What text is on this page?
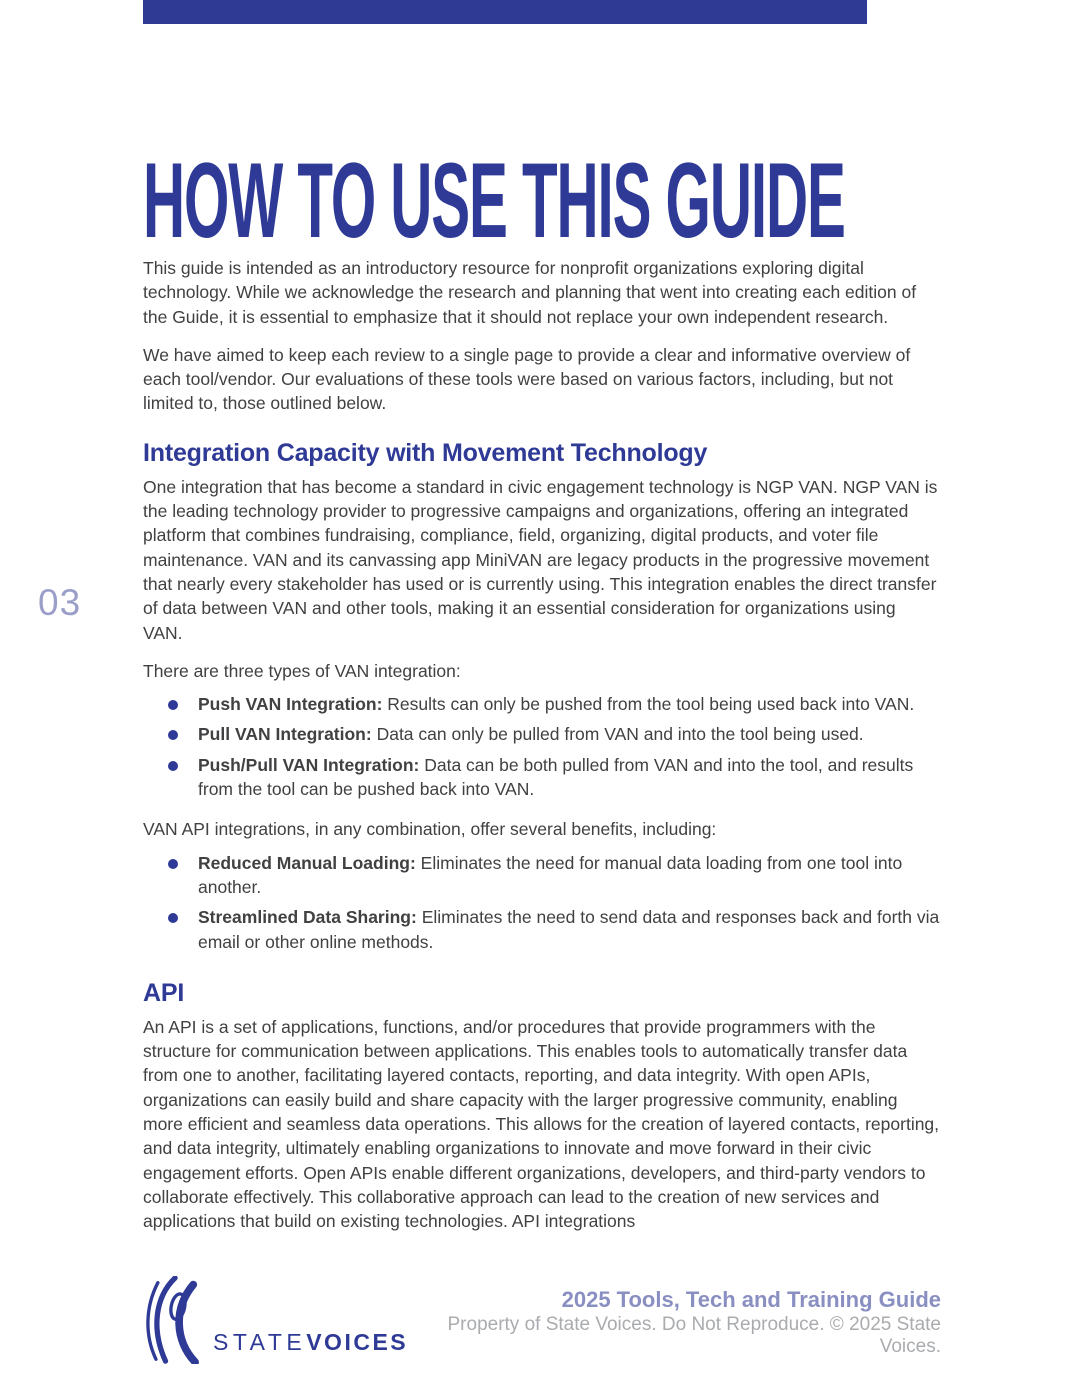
03
HOW TO USE THIS GUIDE

This guide is intended as an introductory resource for nonprofit organizations exploring digital technology. While we acknowledge the research and planning that went into creating each edition of the Guide, it is essential to emphasize that it should not replace your own independent research.

We have aimed to keep each review to a single page to provide a clear and informative overview of each tool/vendor. Our evaluations of these tools were based on various factors, including, but not limited to, those outlined below.

Integration Capacity with Movement Technology

One integration that has become a standard in civic engagement technology is NGP VAN. NGP VAN is the leading technology provider to progressive campaigns and organizations, offering an integrated platform that combines fundraising, compliance, field, organizing, digital products, and voter file maintenance. VAN and its canvassing app MiniVAN are legacy products in the progressive movement that nearly every stakeholder has used or is currently using. This integration enables the direct transfer of data between VAN and other tools, making it an essential consideration for organizations using VAN.

There are three types of VAN integration:

Push VAN Integration: Results can only be pushed from the tool being used back into VAN.
Pull VAN Integration: Data can only be pulled from VAN and into the tool being used.
Push/Pull VAN Integration: Data can be both pulled from VAN and into the tool, and results from the tool can be pushed back into VAN.

VAN API integrations, in any combination, offer several benefits, including:

Reduced Manual Loading: Eliminates the need for manual data loading from one tool into another.
Streamlined Data Sharing: Eliminates the need to send data and responses back and forth via email or other online methods.
API

An API is a set of applications, functions, and/or procedures that provide programmers with the structure for communication between applications. This enables tools to automatically transfer data from one to another, facilitating layered contacts, reporting, and data integrity. With open APIs, organizations can easily build and share capacity with the larger progressive community, enabling more efficient and seamless data operations. This allows for the creation of layered contacts, reporting, and data integrity, ultimately enabling organizations to innovate and move forward in their civic engagement efforts. Open APIs enable different organizations, developers, and third-party vendors to collaborate effectively. This collaborative approach can lead to the creation of new services and applications that build on existing technologies. API integrations

STATEVOICES
2025 Tools, Tech and Training Guide
Property of State Voices. Do Not Reproduce. © 2025 State Voices.
